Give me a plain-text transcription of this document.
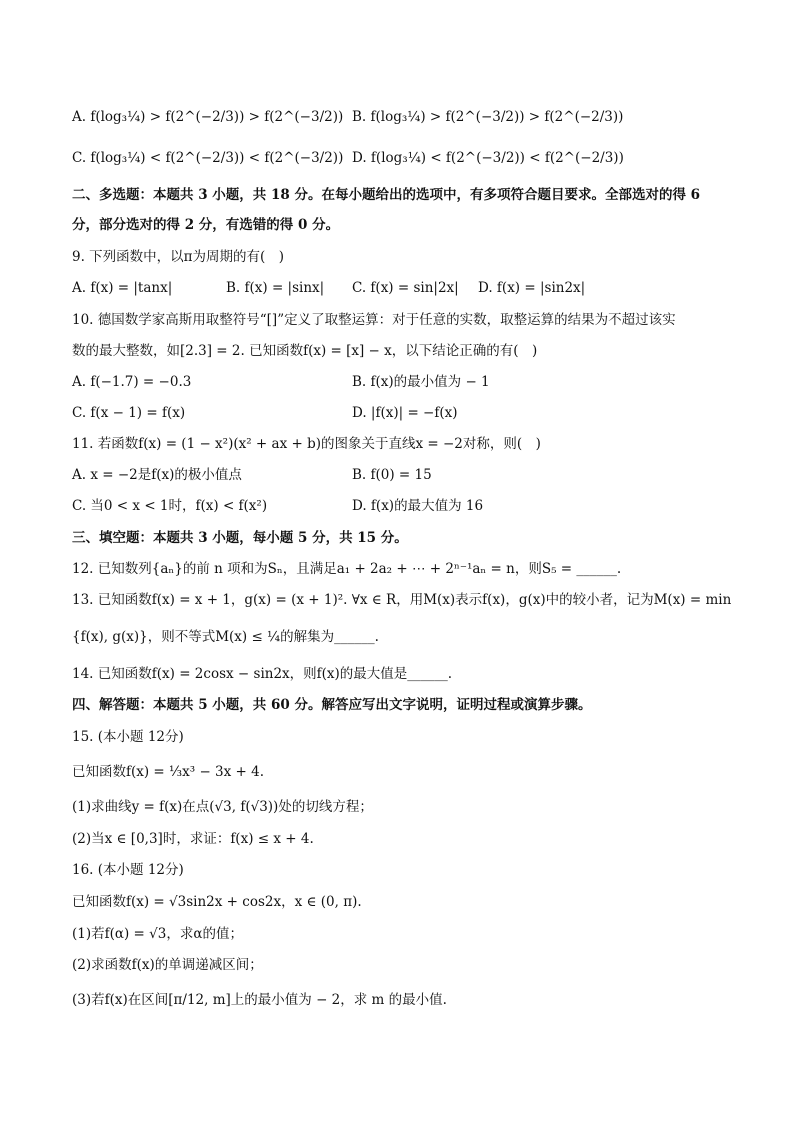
A. f(log₃¼) > f(2^(−2/3)) > f(2^(−3/2)) B. f(log₃¼) > f(2^(−3/2)) > f(2^(−2/3))
C. f(log₃¼) < f(2^(−2/3)) < f(2^(−3/2)) D. f(log₃¼) < f(2^(−3/2)) < f(2^(−2/3))
二、多选题：本题共 3 小题，共 18 分。在每小题给出的选项中，有多项符合题目要求。全部选对的得 6
分，部分选对的得 2 分，有选错的得 0 分。
9. 下列函数中，以π为周期的有(　)
A. f(x) = |tanx|	B. f(x) = |sinx| C. f(x) = sin|2x| D. f(x) = |sin2x|
10. 德国数学家高斯用取整符号“[]”定义了取整运算：对于任意的实数，取整运算的结果为不超过该实
数的最大整数，如[2.3] = 2. 已知函数f(x) = [x] − x，以下结论正确的有(　)
A. f(−1.7) = −0.3	B. f(x)的最小值为 − 1
C. f(x − 1) = f(x)	D. |f(x)| = −f(x)
11. 若函数f(x) = (1 − x²)(x² + ax + b)的图象关于直线x = −2对称，则(　)
A. x = −2是f(x)的极小值点	B. f(0) = 15
C. 当0 < x < 1时，f(x) < f(x²)	D. f(x)的最大值为 16
三、填空题：本题共 3 小题，每小题 5 分，共 15 分。
12. 已知数列{aₙ}的前 n 项和为Sₙ，且满足a₁ + 2a₂ + ⋯ + 2ⁿ⁻¹aₙ = n，则S₅ = ______.
13. 已知函数f(x) = x + 1，g(x) = (x + 1)². ∀x ∈ R，用M(x)表示f(x)，g(x)中的较小者，记为M(x) = min
{f(x), g(x)}，则不等式M(x) ≤ ¼的解集为______.
14. 已知函数f(x) = 2cosx − sin2x，则f(x)的最大值是______.
四、解答题：本题共 5 小题，共 60 分。解答应写出文字说明，证明过程或演算步骤。
15. (本小题 12分)
已知函数f(x) = ⅓x³ − 3x + 4.
(1)求曲线y = f(x)在点(√3, f(√3))处的切线方程；
(2)当x ∈ [0,3]时，求证：f(x) ≤ x + 4.
16. (本小题 12分)
已知函数f(x) = √3sin2x + cos2x，x ∈ (0, π).
(1)若f(α) = √3，求α的值；
(2)求函数f(x)的单调递减区间；
(3)若f(x)在区间[π/12, m]上的最小值为 − 2，求 m 的最小值.
